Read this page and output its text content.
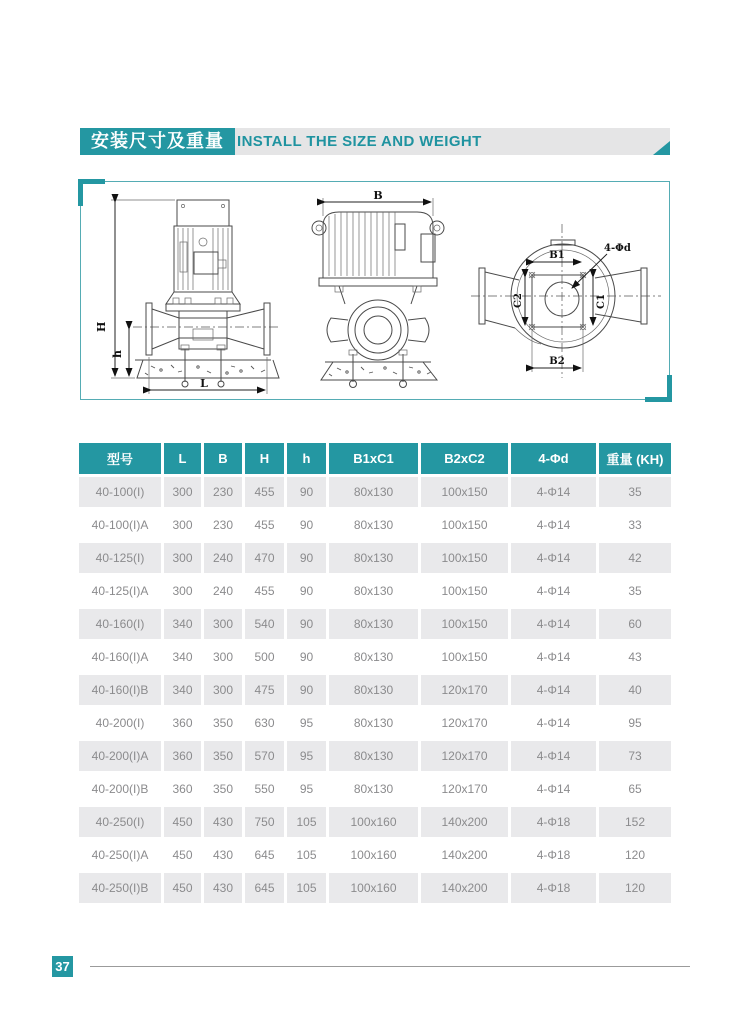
安装尺寸及重量 INSTALL THE SIZE AND WEIGHT
H
h
L
B
B1
B2
C2	C1
4-Φd
型号	L	B	H	h	B1xC1	B2xC2	4-Φd	重量 (KH)
40-100(I)	300	230	455	90	80x130	100x150	4-Φ14	35
40-100(I)A	300	230	455	90	80x130	100x150	4-Φ14	33
40-125(I)	300	240	470	90	80x130	100x150	4-Φ14	42
40-125(I)A	300	240	455	90	80x130	100x150	4-Φ14	35
40-160(I)	340	300	540	90	80x130	100x150	4-Φ14	60
40-160(I)A	340	300	500	90	80x130	100x150	4-Φ14	43
40-160(I)B	340	300	475	90	80x130	120x170	4-Φ14	40
40-200(I)	360	350	630	95	80x130	120x170	4-Φ14	95
40-200(I)A	360	350	570	95	80x130	120x170	4-Φ14	73
40-200(I)B	360	350	550	95	80x130	120x170	4-Φ14	65
40-250(I)	450	430	750	105	100x160	140x200	4-Φ18	152
40-250(I)A	450	430	645	105	100x160	140x200	4-Φ18	120
40-250(I)B	450	430	645	105	100x160	140x200	4-Φ18	120
37
